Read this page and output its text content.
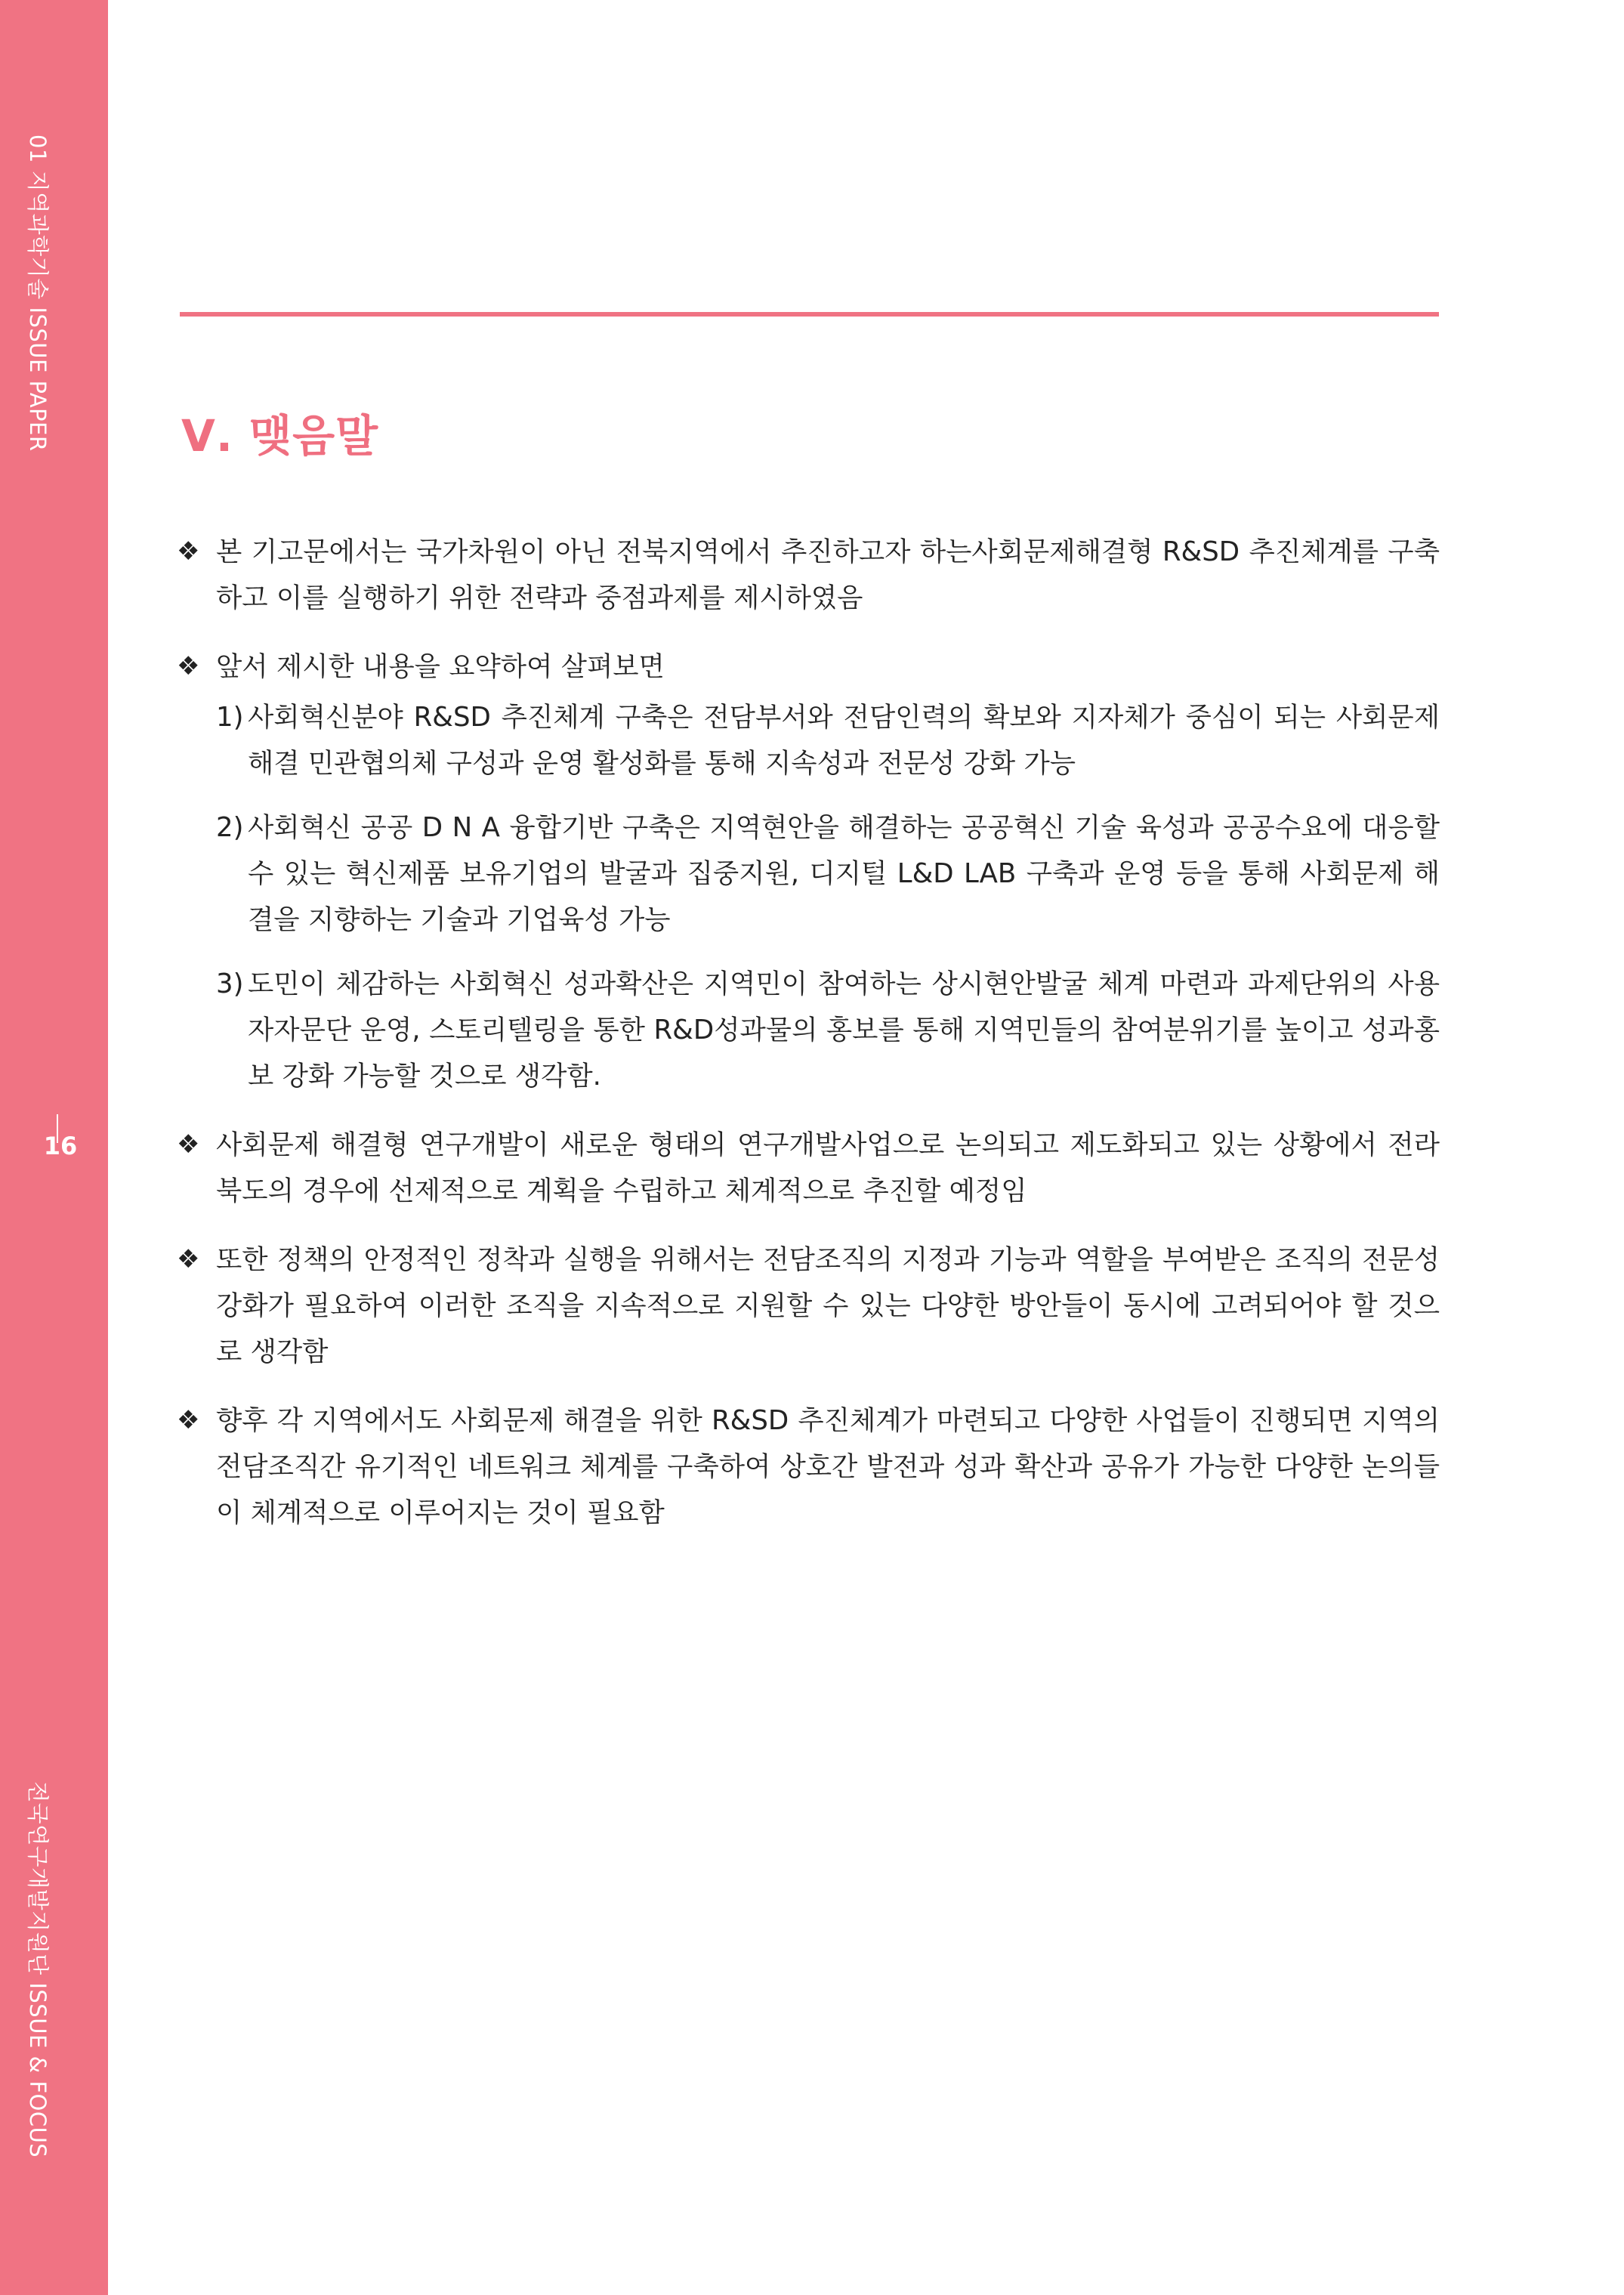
01 지역과학기술 ISSUE PAPER
16
전국연구개발지원단 ISSUE & FOCUS
Ⅴ. 맺음말
❖ 본 기고문에서는 국가차원이 아닌 전북지역에서 추진하고자 하는사회문제해결형 R&SD 추진체계를 구축하고 이를 실행하기 위한 전략과 중점과제를 제시하였음
❖ 앞서 제시한 내용을 요약하여 살펴보면
1) 사회혁신분야 R&SD 추진체계 구축은 전담부서와 전담인력의 확보와 지자체가 중심이 되는 사회문제해결 민관협의체 구성과 운영 활성화를 통해 지속성과 전문성 강화 가능
2) 사회혁신 공공 D N A 융합기반 구축은 지역현안을 해결하는 공공혁신 기술 육성과 공공수요에 대응할 수 있는 혁신제품 보유기업의 발굴과 집중지원, 디지털 L&D LAB 구축과 운영 등을 통해 사회문제 해결을 지향하는 기술과 기업육성 가능
3) 도민이 체감하는 사회혁신 성과확산은 지역민이 참여하는 상시현안발굴 체계 마련과 과제단위의 사용자자문단 운영, 스토리텔링을 통한 R&D성과물의 홍보를 통해 지역민들의 참여분위기를 높이고 성과홍보 강화 가능할 것으로 생각함.
❖ 사회문제 해결형 연구개발이 새로운 형태의 연구개발사업으로 논의되고 제도화되고 있는 상황에서 전라북도의 경우에 선제적으로 계획을 수립하고 체계적으로 추진할 예정임
❖ 또한 정책의 안정적인 정착과 실행을 위해서는 전담조직의 지정과 기능과 역할을 부여받은 조직의 전문성 강화가 필요하여 이러한 조직을 지속적으로 지원할 수 있는 다양한 방안들이 동시에 고려되어야 할 것으로 생각함
❖ 향후 각 지역에서도 사회문제 해결을 위한 R&SD 추진체계가 마련되고 다양한 사업들이 진행되면 지역의 전담조직간 유기적인 네트워크 체계를 구축하여 상호간 발전과 성과 확산과 공유가 가능한 다양한 논의들이 체계적으로 이루어지는 것이 필요함
